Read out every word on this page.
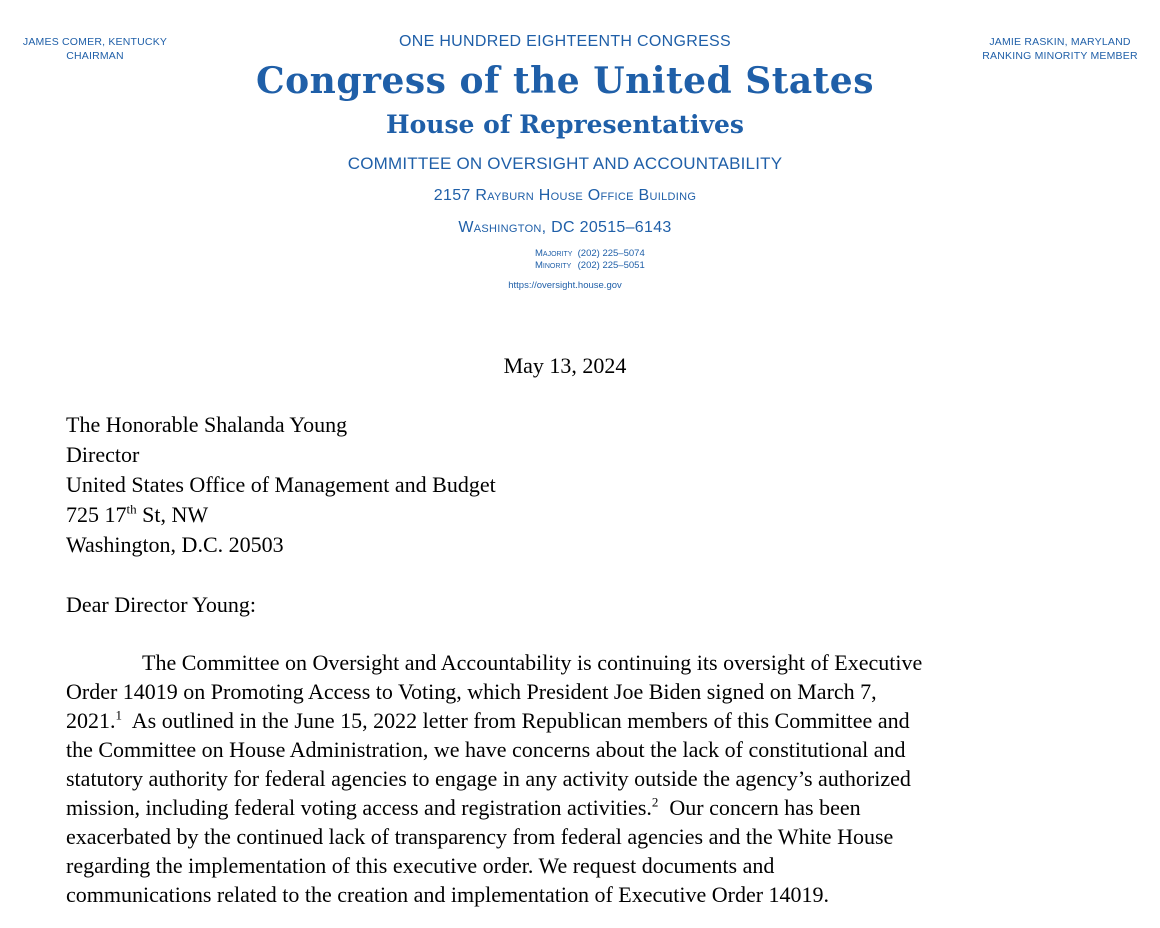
JAMES COMER, KENTUCKY
CHAIRMAN
JAMIE RASKIN, MARYLAND
RANKING MINORITY MEMBER
ONE HUNDRED EIGHTEENTH CONGRESS
Congress of the United States
House of Representatives
COMMITTEE ON OVERSIGHT AND ACCOUNTABILITY
2157 Rayburn House Office Building
Washington, DC 20515–6143
Majority (202) 225–5074
Minority (202) 225–5051
https://oversight.house.gov
May 13, 2024
The Honorable Shalanda Young
Director
United States Office of Management and Budget
725 17th St, NW
Washington, D.C. 20503
Dear Director Young:

The Committee on Oversight and Accountability is continuing its oversight of Executive

Order 14019 on Promoting Access to Voting, which President Joe Biden signed on March 7,

2021.$^1$  As outlined in the June 15, 2022 letter from Republican members of this Committee and

the Committee on House Administration, we have concerns about the lack of constitutional and

statutory authority for federal agencies to engage in any activity outside the agency’s authorized

mission, including federal voting access and registration activities.$^2$  Our concern has been

exacerbated by the continued lack of transparency from federal agencies and the White House

regarding the implementation of this executive order. We request documents and

communications related to the creation and implementation of Executive Order 14019.
